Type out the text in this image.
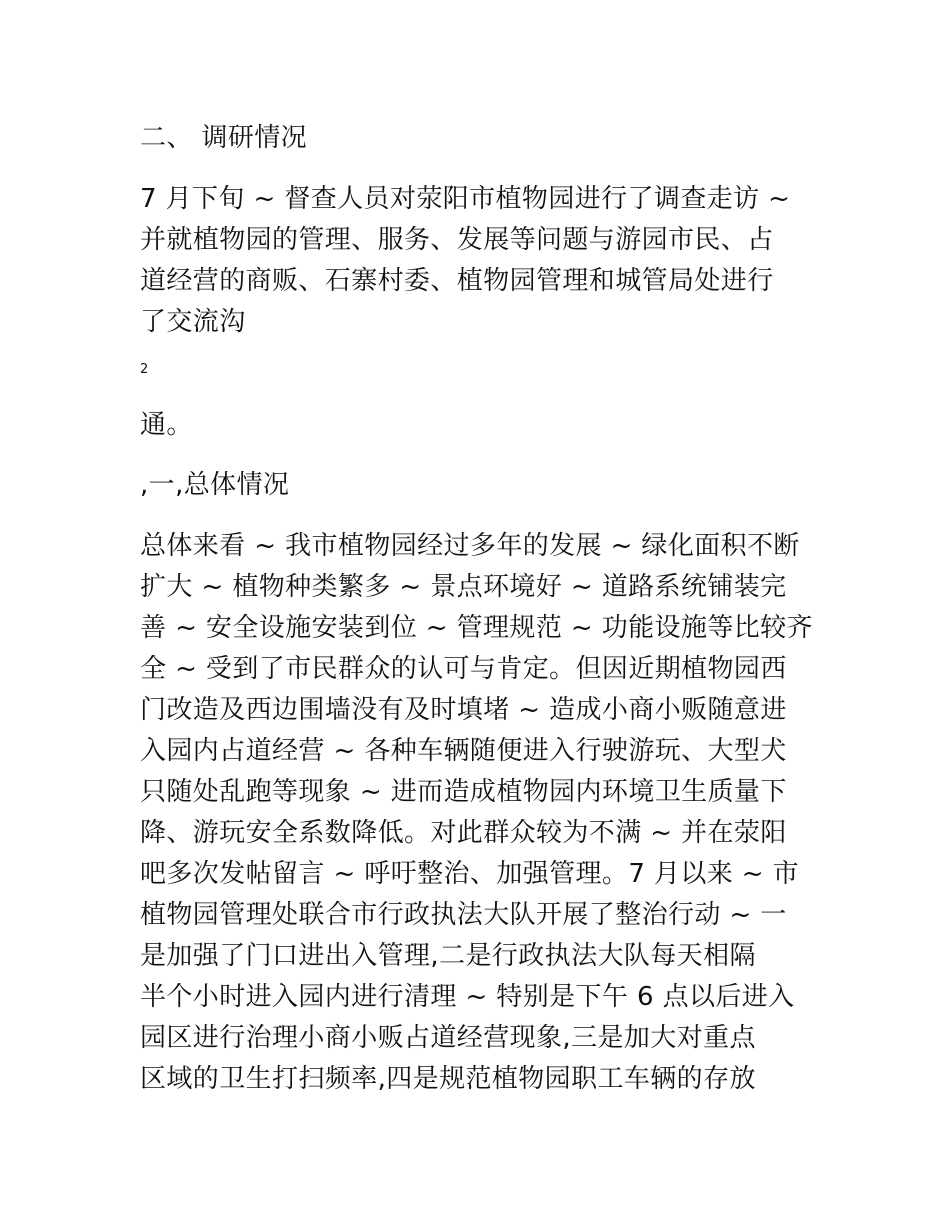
二、 调研情况
7 月下旬 ~ 督查人员对荥阳市植物园进行了调查走访 ~
并就植物园的管理、服务、发展等问题与游园市民、占
道经营的商贩、石寨村委、植物园管理和城管局处进行
了交流沟
2
通。
,一,总体情况
总体来看 ~ 我市植物园经过多年的发展 ~ 绿化面积不断
扩大 ~ 植物种类繁多 ~ 景点环境好 ~ 道路系统铺装完
善 ~ 安全设施安装到位 ~ 管理规范 ~ 功能设施等比较齐
全 ~ 受到了市民群众的认可与肯定。但因近期植物园西
门改造及西边围墙没有及时填堵 ~ 造成小商小贩随意进
入园内占道经营 ~ 各种车辆随便进入行驶游玩、大型犬
只随处乱跑等现象 ~ 进而造成植物园内环境卫生质量下
降、游玩安全系数降低。对此群众较为不满 ~ 并在荥阳
吧多次发帖留言 ~ 呼吁整治、加强管理。7 月以来 ~ 市
植物园管理处联合市行政执法大队开展了整治行动 ~ 一
是加强了门口进出入管理,二是行政执法大队每天相隔
半个小时进入园内进行清理 ~ 特别是下午 6 点以后进入
园区进行治理小商小贩占道经营现象,三是加大对重点
区域的卫生打扫频率,四是规范植物园职工车辆的存放
